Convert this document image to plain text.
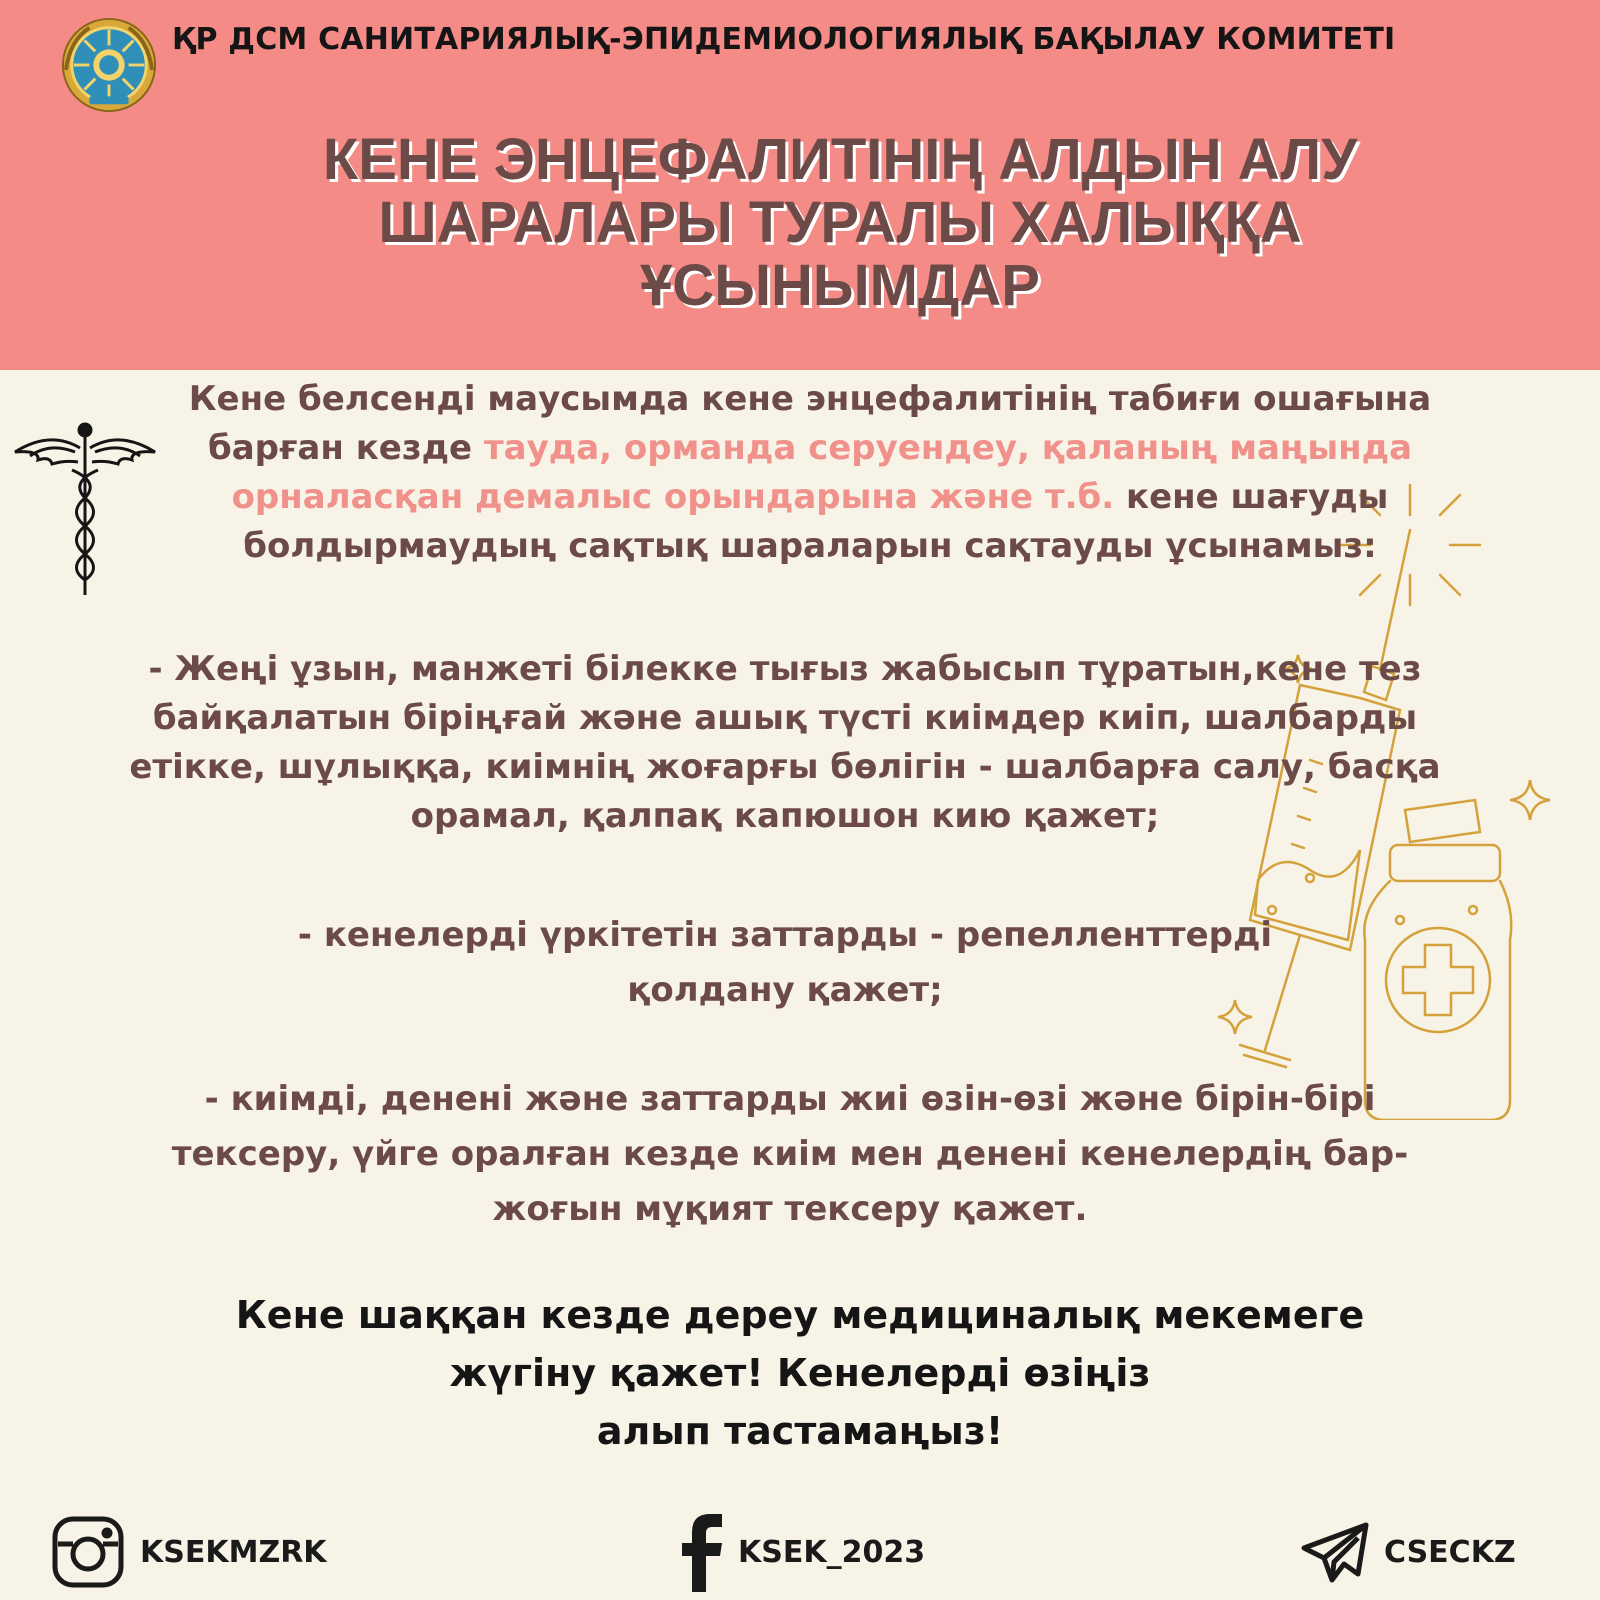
ҚР ДСМ САНИТАРИЯЛЫҚ-ЭПИДЕМИОЛОГИЯЛЫҚ БАҚЫЛАУ КОМИТЕТІ
КЕНЕ ЭНЦЕФАЛИТІНІҢ АЛДЫН АЛУ
ШАРАЛАРЫ ТУРАЛЫ ХАЛЫҚҚА
ҰСЫНЫМДАР

Кене белсенді маусымда кене энцефалитінің табиғи ошағына барған кезде тауда, орманда серуендеу, қаланың маңында орналасқан демалыс орындарына және т.б. кене шағуды болдырмаудың сақтық шараларын сақтауды ұсынамыз:

- Жеңі ұзын, манжеті білекке тығыз жабысып тұратын,кене тез байқалатын біріңғай және ашық түсті киімдер киіп, шалбарды етікке, шұлыққа, киімнің жоғарғы бөлігін - шалбарға салу, басқа орамал, қалпақ капюшон кию қажет;

- кенелерді үркітетін заттарды - репелленттерді қолдану қажет;

- киімді, денені және заттарды жиі өзін-өзі және бірін-бірі тексеру, үйге оралған кезде киім мен денені кенелердің бар-жоғын мұқият тексеру қажет.

Кене шаққан кезде дереу медициналық мекемеге
жүгіну қажет! Кенелерді өзіңіз
алып тастамаңыз!
KSEKMZRK	KSEK_2023	CSECKZ
